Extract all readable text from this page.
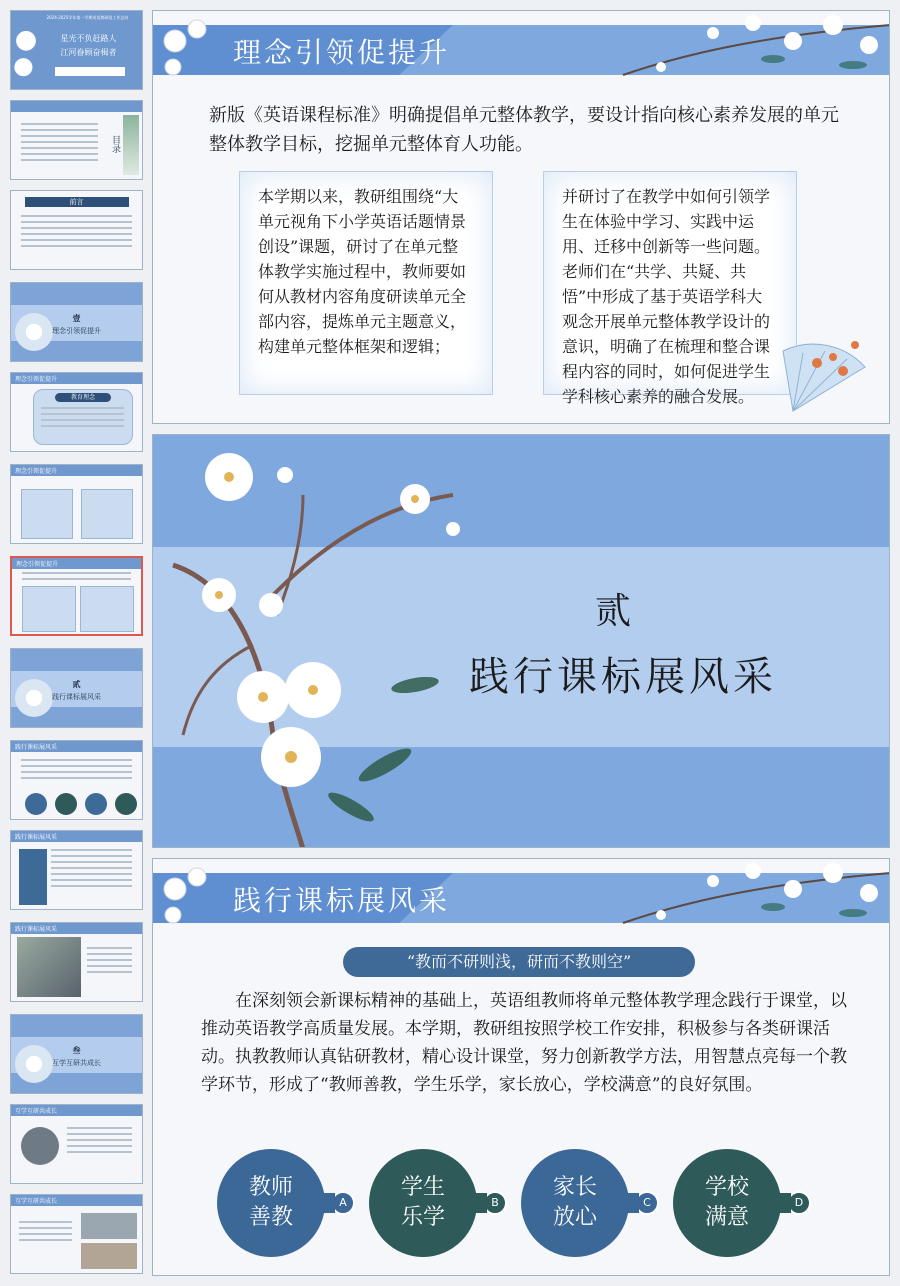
2024-2025学年第一学期英语教研组工作总结
星光不负赶路人
江河眷顾奋楫者
目录
前言
壹
理念引领促提升
理念引领促提升
教育理念
理念引领促提升
理念引领促提升
贰
践行课标展风采
践行课标展风采
践行课标展风采
践行课标展风采
叁
互学互研共成长
互学互研共成长
互学互研共成长
理念引领促提升
新版《英语课程标准》明确提倡单元整体教学，要设计指向核心素养发展的单元整体教学目标，挖掘单元整体育人功能。
本学期以来，教研组围绕“大单元视角下小学英语话题情景创设”课题，研讨了在单元整体教学实施过程中，教师要如何从教材内容角度研读单元全部内容，提炼单元主题意义，构建单元整体框架和逻辑；
并研讨了在教学中如何引领学生在体验中学习、实践中运用、迁移中创新等一些问题。老师们在“共学、共疑、共悟”中形成了基于英语学科大观念开展单元整体教学设计的意识，明确了在梳理和整合课程内容的同时，如何促进学生学科核心素养的融合发展。
贰
践行课标展风采
践行课标展风采
“教而不研则浅，研而不教则空”
在深刻领会新课标精神的基础上，英语组教师将单元整体教学理念践行于课堂，以推动英语教学高质量发展。本学期，教研组按照学校工作安排，积极参与各类研课活动。执教教师认真钻研教材，精心设计课堂，努力创新教学方法，用智慧点亮每一个教学环节，形成了“教师善教，学生乐学，家长放心，学校满意”的良好氛围。
教师
善教
A
学生
乐学
B
家长
放心
C
学校
满意
D
